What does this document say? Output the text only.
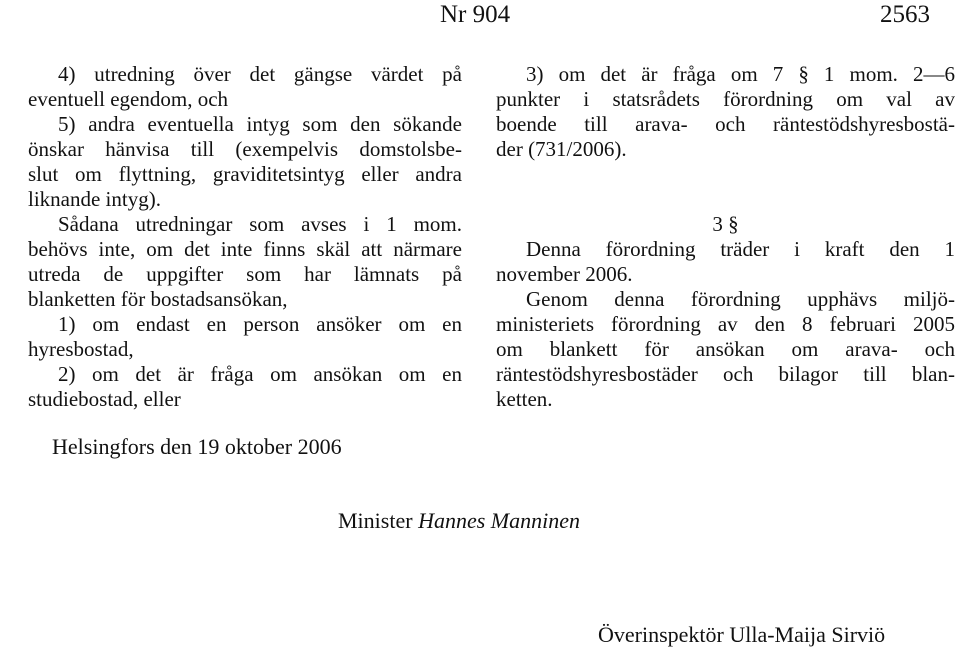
Nr 904	2563
4) utredning över det gängse värdet på
eventuell egendom, och
5) andra eventuella intyg som den sökande
önskar hänvisa till (exempelvis domstolsbe-
slut om flyttning, graviditetsintyg eller andra
liknande intyg).
Sådana utredningar som avses i 1 mom.
behövs inte, om det inte finns skäl att närmare
utreda de uppgifter som har lämnats på
blanketten för bostadsansökan,
1) om endast en person ansöker om en
hyresbostad,
2) om det är fråga om ansökan om en
studiebostad, eller
3) om det är fråga om 7 § 1 mom. 2—6
punkter i statsrådets förordning om val av
boende till arava- och räntestödshyresbostä-
der (731/2006).
3 §
Denna förordning träder i kraft den 1
november 2006.
Genom denna förordning upphävs miljö-
ministeriets förordning av den 8 februari 2005
om blankett för ansökan om arava- och
räntestödshyresbostäder och bilagor till blan-
ketten.
Helsingfors den 19 oktober 2006
Minister Hannes Manninen
Överinspektör Ulla-Maija Sirviö
